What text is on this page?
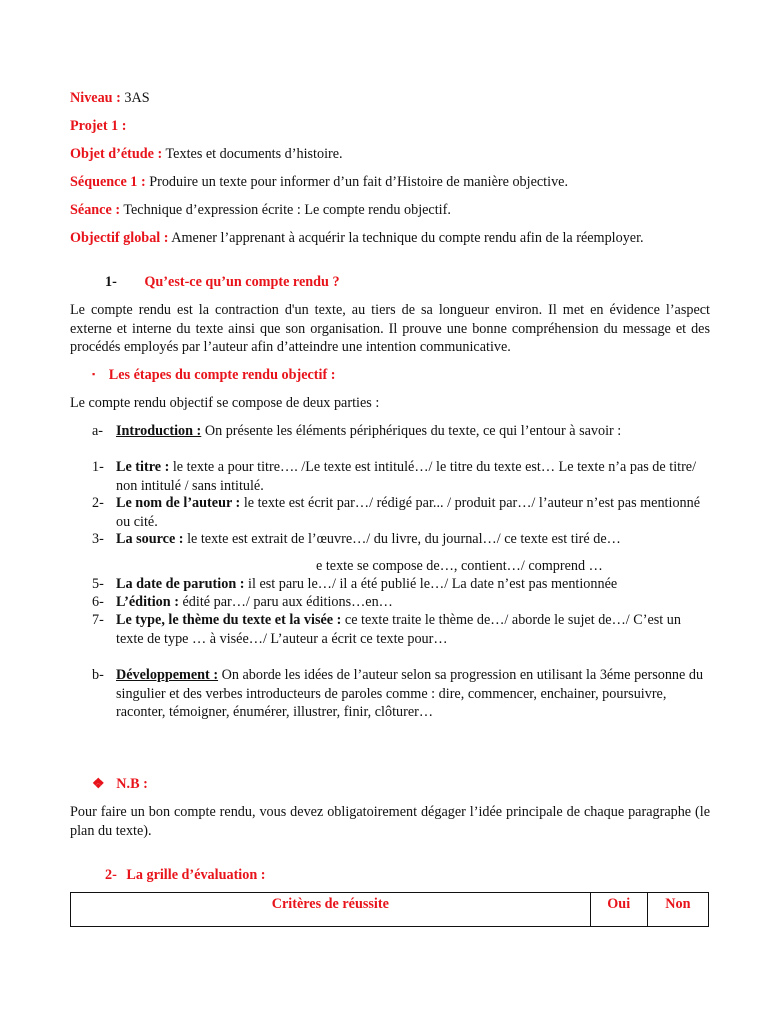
Niveau : 3AS
Projet 1 :
Objet d’étude : Textes et documents d’histoire.
Séquence 1 : Produire un texte pour informer d’un fait d’Histoire de manière objective.
Séance : Technique d’expression écrite : Le compte rendu objectif.
Objectif global : Amener l’apprenant à acquérir la technique du compte rendu afin de la réemployer.
1- Qu’est-ce qu’un compte rendu ?
Le compte rendu est la contraction d'un texte, au tiers de sa longueur environ. Il met en évidence l’aspect externe et interne du texte ainsi que son organisation. Il prouve une bonne compréhension du message et des procédés employés par l’auteur afin d’atteindre une intention communicative.
▪ Les étapes du compte rendu objectif :
Le compte rendu objectif se compose de deux parties :
a- Introduction : On présente les éléments périphériques du texte, ce qui l’entour à savoir :
1- Le titre : le texte a pour titre…. /Le texte est intitulé…/ le titre du texte est… Le texte n’a pas de titre/ non intitulé / sans intitulé.
2- Le nom de l’auteur : le texte est écrit par…/ rédigé par... / produit par…/ l’auteur n’est pas mentionné ou cité.
3- La source : le texte est extrait de l’œuvre…/ du livre, du journal…/ ce texte est tiré de…
e texte se compose de…, contient…/ comprend …
5- La date de parution : il est paru le…/ il a été publié le…/ La date n’est pas mentionnée
6- L’édition : édité par…/ paru aux éditions…en…
7- Le type, le thème du texte et la visée : ce texte traite le thème de…/ aborde le sujet de…/ C’est un texte de type … à visée…/ L’auteur a écrit ce texte pour…
b- Développement : On aborde les idées de l’auteur selon sa progression en utilisant la 3éme personne du singulier et des verbes introducteurs de paroles comme : dire, commencer, enchainer, poursuivre, raconter, témoigner, énumérer, illustrer, finir, clôturer…
❖ N.B :
Pour faire un bon compte rendu, vous devez obligatoirement dégager l’idée principale de chaque paragraphe (le plan du texte).
2- La grille d’évaluation :
Critères de réussite	Oui	Non
